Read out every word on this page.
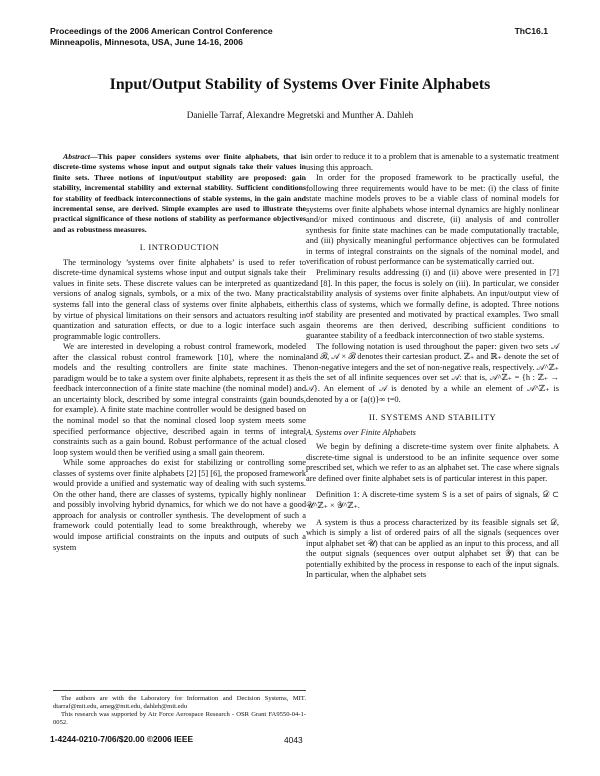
Proceedings of the 2006 American Control Conference
Minneapolis, Minnesota, USA, June 14-16, 2006
ThC16.1
Input/Output Stability of Systems Over Finite Alphabets
Danielle Tarraf, Alexandre Megretski and Munther A. Dahleh

Abstract—This paper considers systems over finite alphabets, that is discrete-time systems whose input and output signals take their values in finite sets. Three notions of input/output stability are proposed: gain stability, incremental stability and external stability. Sufficient conditions for stability of feedback interconnections of stable systems, in the gain and incremental sense, are derived. Simple examples are used to illustrate the practical significance of these notions of stability as performance objectives and as robustness measures.

I. INTRODUCTION

The terminology ’systems over finite alphabets’ is used to refer to discrete-time dynamical systems whose input and output signals take their values in finite sets. These discrete values can be interpreted as quantized versions of analog signals, symbols, or a mix of the two. Many practical systems fall into the general class of systems over finite alphabets, either by virtue of physical limitations on their sensors and actuators resulting in quantization and saturation effects, or due to a logic interface such as programmable logic controllers.

We are interested in developing a robust control framework, modeled after the classical robust control framework [10], where the nominal models and the resulting controllers are finite state machines. The paradigm would be to take a system over finite alphabets, represent it as the feedback interconnection of a finite state machine (the nominal model) and an uncertainty block, described by some integral constraints (gain bounds, for example). A finite state machine controller would be designed based on the nominal model so that the nominal closed loop system meets some specified performance objective, described again in terms of integral constraints such as a gain bound. Robust performance of the actual closed loop system would then be verified using a small gain theorem.

While some approaches do exist for stabilizing or controlling some classes of systems over finite alphabets [2] [5] [6], the proposed framework would provide a unified and systematic way of dealing with such systems. On the other hand, there are classes of systems, typically highly nonlinear and possibly involving hybrid dynamics, for which we do not have a good approach for analysis or controller synthesis. The development of such a framework could potentially lead to some breakthrough, whereby we would impose artificial constraints on the inputs and outputs of such a system

in order to reduce it to a problem that is amenable to a systematic treatment using this approach.

In order for the proposed framework to be practically useful, the following three requirements would have to be met: (i) the class of finite state machine models proves to be a viable class of nominal models for systems over finite alphabets whose internal dynamics are highly nonlinear and/or mixed continuous and discrete, (ii) analysis of and controller synthesis for finite state machines can be made computationally tractable, and (iii) physically meaningful performance objectives can be formulated in terms of integral constraints on the signals of the nominal model, and verification of robust performance can be systematically carried out.

Preliminary results addressing (i) and (ii) above were presented in [7] and [8]. In this paper, the focus is solely on (iii). In particular, we consider stability analysis of systems over finite alphabets. An input/output view of this class of systems, which we formally define, is adopted. Three notions of stability are presented and motivated by practical examples. Two small gain theorems are then derived, describing sufficient conditions to guarantee stability of a feedback interconnection of two stable systems.

The following notation is used throughout the paper: given two sets 𝒜 and ℬ, 𝒜 × ℬ denotes their cartesian product. ℤ₊ and ℝ₊ denote the set of non-negative integers and the set of non-negative reals, respectively. 𝒜^ℤ₊ is the set of all infinite sequences over set 𝒜: that is, 𝒜^ℤ₊ = {h : ℤ₊ → 𝒜}. An element of 𝒜 is denoted by a while an element of 𝒜^ℤ₊ is denoted by a or {a(t)}∞ t=0.

II. SYSTEMS AND STABILITY
A. Systems over Finite Alphabets

We begin by defining a discrete-time system over finite alphabets. A discrete-time signal is understood to be an infinite sequence over some prescribed set, which we refer to as an alphabet set. The case where signals are defined over finite alphabet sets is of particular interest in this paper.

Definition 1: A discrete-time system S is a set of pairs of signals, 𝒟 ⊂ 𝒰^ℤ₊ × 𝒴^ℤ₊.

A system is thus a process characterized by its feasible signals set 𝒟, which is simply a list of ordered pairs of all the signals (sequences over input alphabet set 𝒰) that can be applied as an input to this process, and all the output signals (sequences over output alphabet set 𝒴) that can be potentially exhibited by the process in response to each of the input signals. In particular, when the alphabet sets

The authors are with the Laboratory for Information and Decision Systems, MIT. dtarraf@mit.edu, ameg@mit.edu, dahleh@mit.edu

This research was supported by Air Force Aerospace Research - OSR Grant FA9550-04-1-0052.

1-4244-0210-7/06/$20.00 ©2006 IEEE	4043
